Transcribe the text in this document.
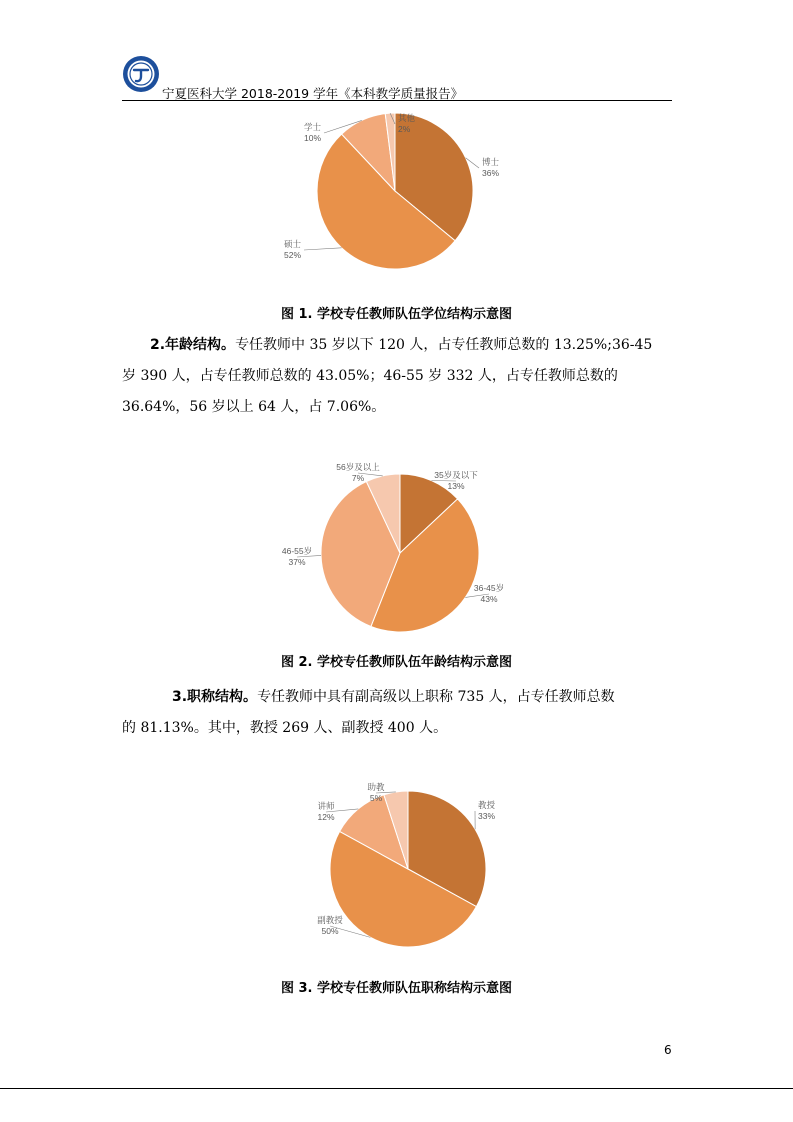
宁夏医科大学 2018-2019 学年《本科教学质量报告》
博士
36%
硕士
52%
学士
10%
其他
2%
图 1. 学校专任教师队伍学位结构示意图
2.年龄结构。专任教师中 35 岁以下 120 人，占专任教师总数的 13.25%;36-45
岁 390 人，占专任教师总数的 43.05%；46-55 岁 332 人，占专任教师总数的
36.64%，56 岁以上 64 人，占 7.06%。
35岁及以下
13%
36-45岁
43%
46-55岁
37%
56岁及以上
7%
图 2. 学校专任教师队伍年龄结构示意图
3.职称结构。专任教师中具有副高级以上职称 735 人，占专任教师总数
的 81.13%。其中，教授 269 人、副教授 400 人。
教授
33%
副教授
50%
讲师
12%
助教
5%
图 3. 学校专任教师队伍职称结构示意图
6
